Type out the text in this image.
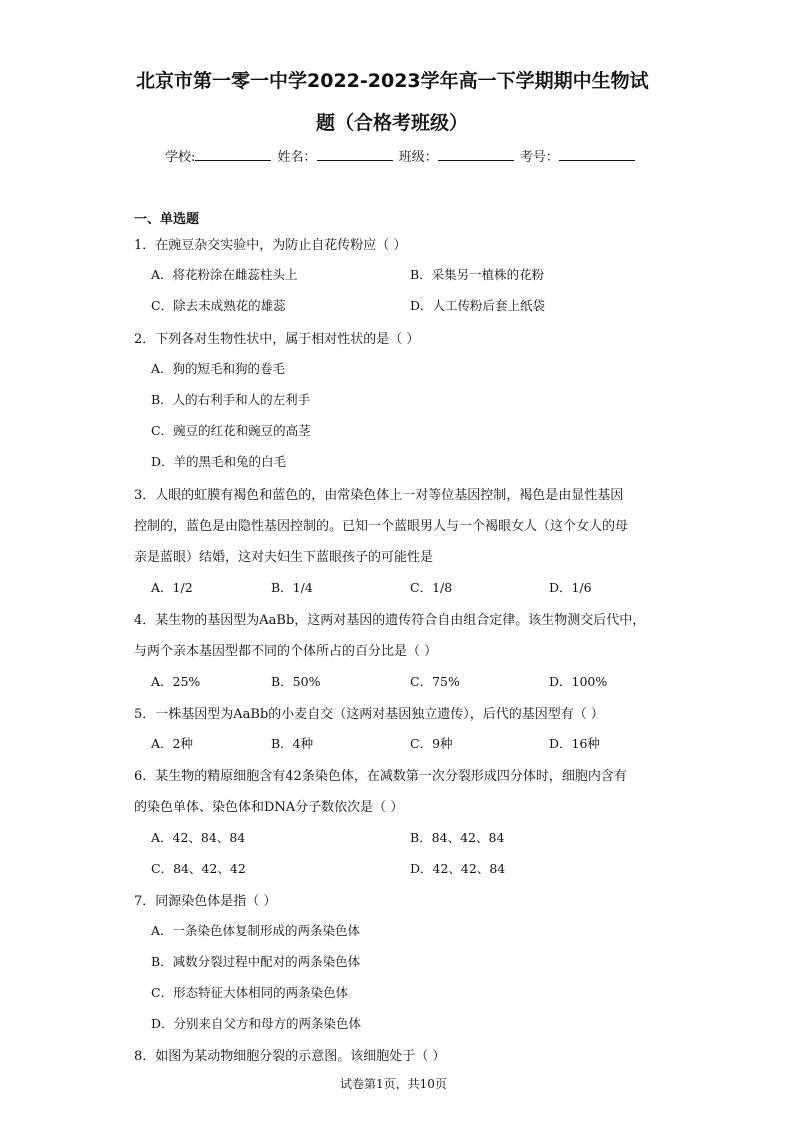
北京市第一零一中学2022-2023学年高一下学期期中生物试
题（合格考班级）
学校:	姓名：	班级：	考号：
一、单选题
1．在豌豆杂交实验中，为防止自花传粉应（ ）
A．将花粉涂在雌蕊柱头上	B．采集另一植株的花粉
C．除去未成熟花的雄蕊	D．人工传粉后套上纸袋
2．下列各对生物性状中，属于相对性状的是（ ）
A．狗的短毛和狗的卷毛
B．人的右利手和人的左利手
C．豌豆的红花和豌豆的高茎
D．羊的黑毛和兔的白毛
3．人眼的虹膜有褐色和蓝色的，由常染色体上一对等位基因控制，褐色是由显性基因
控制的，蓝色是由隐性基因控制的。已知一个蓝眼男人与一个褐眼女人（这个女人的母
亲是蓝眼）结婚，这对夫妇生下蓝眼孩子的可能性是
A．1/2	B．1/4	C．1/8	D．1/6
4．某生物的基因型为AaBb，这两对基因的遗传符合自由组合定律。该生物测交后代中，
与两个亲本基因型都不同的个体所占的百分比是（ ）
A．25%	B．50%	C．75%	D．100%
5．一株基因型为AaBb的小麦自交（这两对基因独立遗传），后代的基因型有（ ）
A．2种	B．4种	C．9种	D．16种
6．某生物的精原细胞含有42条染色体，在减数第一次分裂形成四分体时，细胞内含有
的染色单体、染色体和DNA分子数依次是（ ）
A．42、84、84	B．84、42、84
C．84、42、42	D．42、42、84
7．同源染色体是指（ ）
A．一条染色体复制形成的两条染色体
B．减数分裂过程中配对的两条染色体
C．形态特征大体相同的两条染色体
D．分别来自父方和母方的两条染色体
8．如图为某动物细胞分裂的示意图。该细胞处于（ ）
试卷第1页，共10页
